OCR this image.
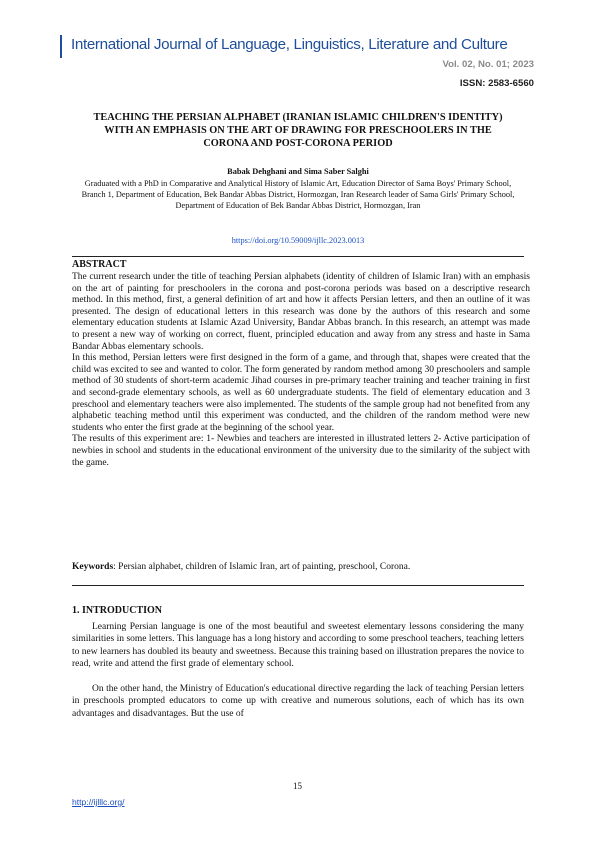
International Journal of Language, Linguistics, Literature and Culture
Vol. 02, No. 01; 2023
ISSN: 2583-6560
TEACHING THE PERSIAN ALPHABET (IRANIAN ISLAMIC CHILDREN'S IDENTITY) WITH AN EMPHASIS ON THE ART OF DRAWING FOR PRESCHOOLERS IN THE CORONA AND POST-CORONA PERIOD
Babak Dehghani and Sima Saber Salghi
Graduated with a PhD in Comparative and Analytical History of Islamic Art, Education Director of Sama Boys' Primary School, Branch 1, Department of Education, Bek Bandar Abbas District, Hormozgan, Iran Research leader of Sama Girls' Primary School, Department of Education of Bek Bandar Abbas District, Hormozgan, Iran
https://doi.org/10.59009/ijllc.2023.0013
ABSTRACT

The current research under the title of teaching Persian alphabets (identity of children of Islamic Iran) with an emphasis on the art of painting for preschoolers in the corona and post-corona periods was based on a descriptive research method. In this method, first, a general definition of art and how it affects Persian letters, and then an outline of it was presented. The design of educational letters in this research was done by the authors of this research and some elementary education students at Islamic Azad University, Bandar Abbas branch. In this research, an attempt was made to present a new way of working on correct, fluent, principled education and away from any stress and haste in Sama Bandar Abbas elementary schools.

In this method, Persian letters were first designed in the form of a game, and through that, shapes were created that the child was excited to see and wanted to color. The form generated by random method among 30 preschoolers and sample method of 30 students of short-term academic Jihad courses in pre-primary teacher training and teacher training in first and second-grade elementary schools, as well as 60 undergraduate students. The field of elementary education and 3 preschool and elementary teachers were also implemented. The students of the sample group had not benefited from any alphabetic teaching method until this experiment was conducted, and the children of the random method were new students who enter the first grade at the beginning of the school year.

The results of this experiment are: 1- Newbies and teachers are interested in illustrated letters 2- Active participation of newbies in school and students in the educational environment of the university due to the similarity of the subject with the game.

Keywords: Persian alphabet, children of Islamic Iran, art of painting, preschool, Corona.
1. INTRODUCTION

Learning Persian language is one of the most beautiful and sweetest elementary lessons considering the many similarities in some letters. This language has a long history and according to some preschool teachers, teaching letters to new learners has doubled its beauty and sweetness. Because this training based on illustration prepares the novice to read, write and attend the first grade of elementary school.

On the other hand, the Ministry of Education's educational directive regarding the lack of teaching Persian letters in preschools prompted educators to come up with creative and numerous solutions, each of which has its own advantages and disadvantages. But the use of

15
http://ijlllc.org/
